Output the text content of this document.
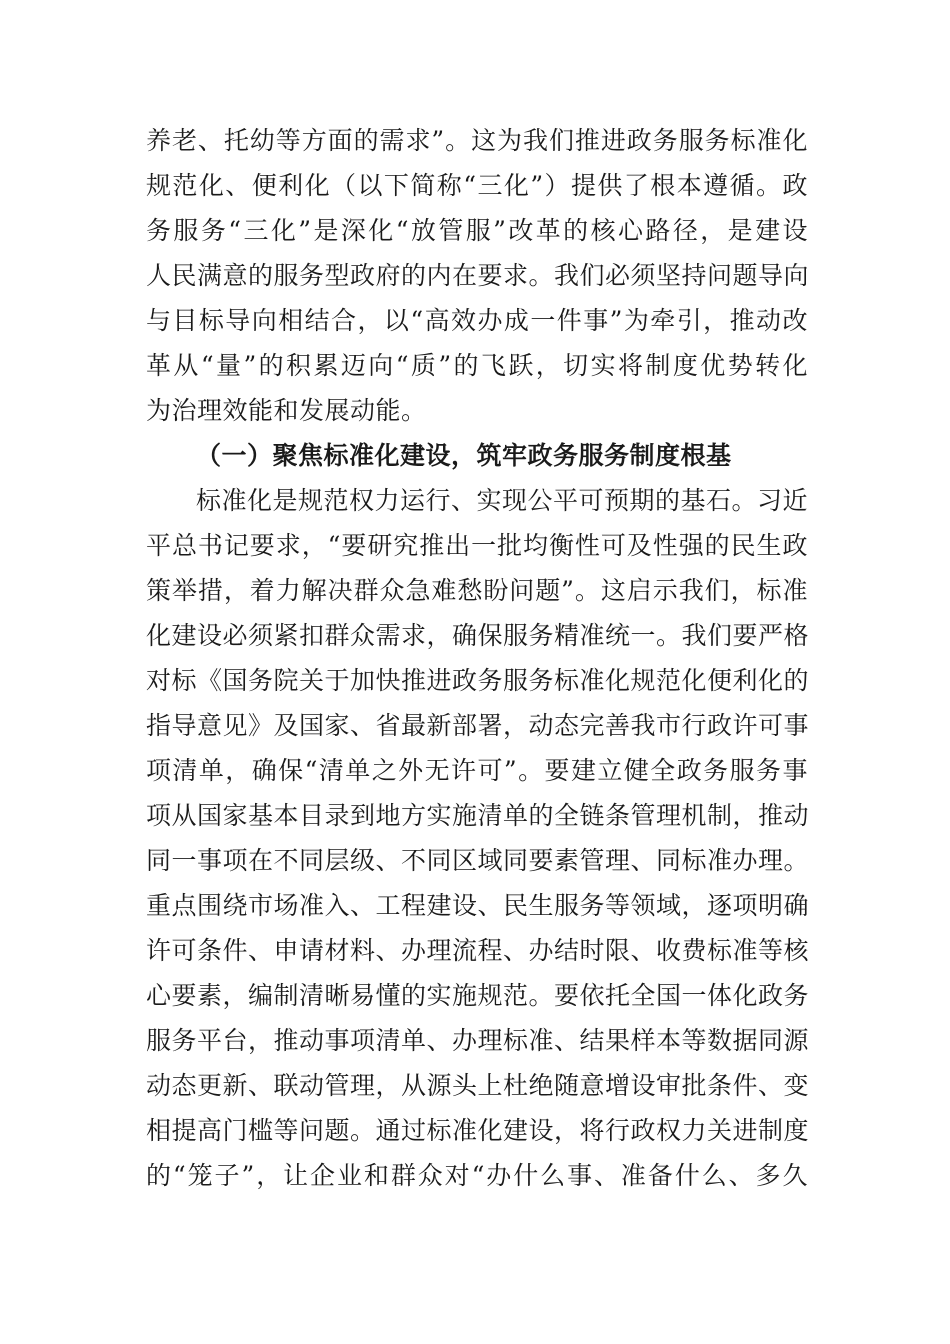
养老、托幼等方面的需求”。这为我们推进政务服务标准化
规范化、便利化（以下简称“三化”）提供了根本遵循。政
务服务“三化”是深化“放管服”改革的核心路径，是建设
人民满意的服务型政府的内在要求。我们必须坚持问题导向
与目标导向相结合，以“高效办成一件事”为牵引，推动改
革从“量”的积累迈向“质”的飞跃，切实将制度优势转化
为治理效能和发展动能。
（一）聚焦标准化建设，筑牢政务服务制度根基
标准化是规范权力运行、实现公平可预期的基石。习近
平总书记要求，“要研究推出一批均衡性可及性强的民生政
策举措，着力解决群众急难愁盼问题”。这启示我们，标准
化建设必须紧扣群众需求，确保服务精准统一。我们要严格
对标《国务院关于加快推进政务服务标准化规范化便利化的
指导意见》及国家、省最新部署，动态完善我市行政许可事
项清单，确保“清单之外无许可”。要建立健全政务服务事
项从国家基本目录到地方实施清单的全链条管理机制，推动
同一事项在不同层级、不同区域同要素管理、同标准办理。
重点围绕市场准入、工程建设、民生服务等领域，逐项明确
许可条件、申请材料、办理流程、办结时限、收费标准等核
心要素，编制清晰易懂的实施规范。要依托全国一体化政务
服务平台，推动事项清单、办理标准、结果样本等数据同源
动态更新、联动管理，从源头上杜绝随意增设审批条件、变
相提高门槛等问题。通过标准化建设，将行政权力关进制度
的“笼子”，让企业和群众对“办什么事、准备什么、多久
